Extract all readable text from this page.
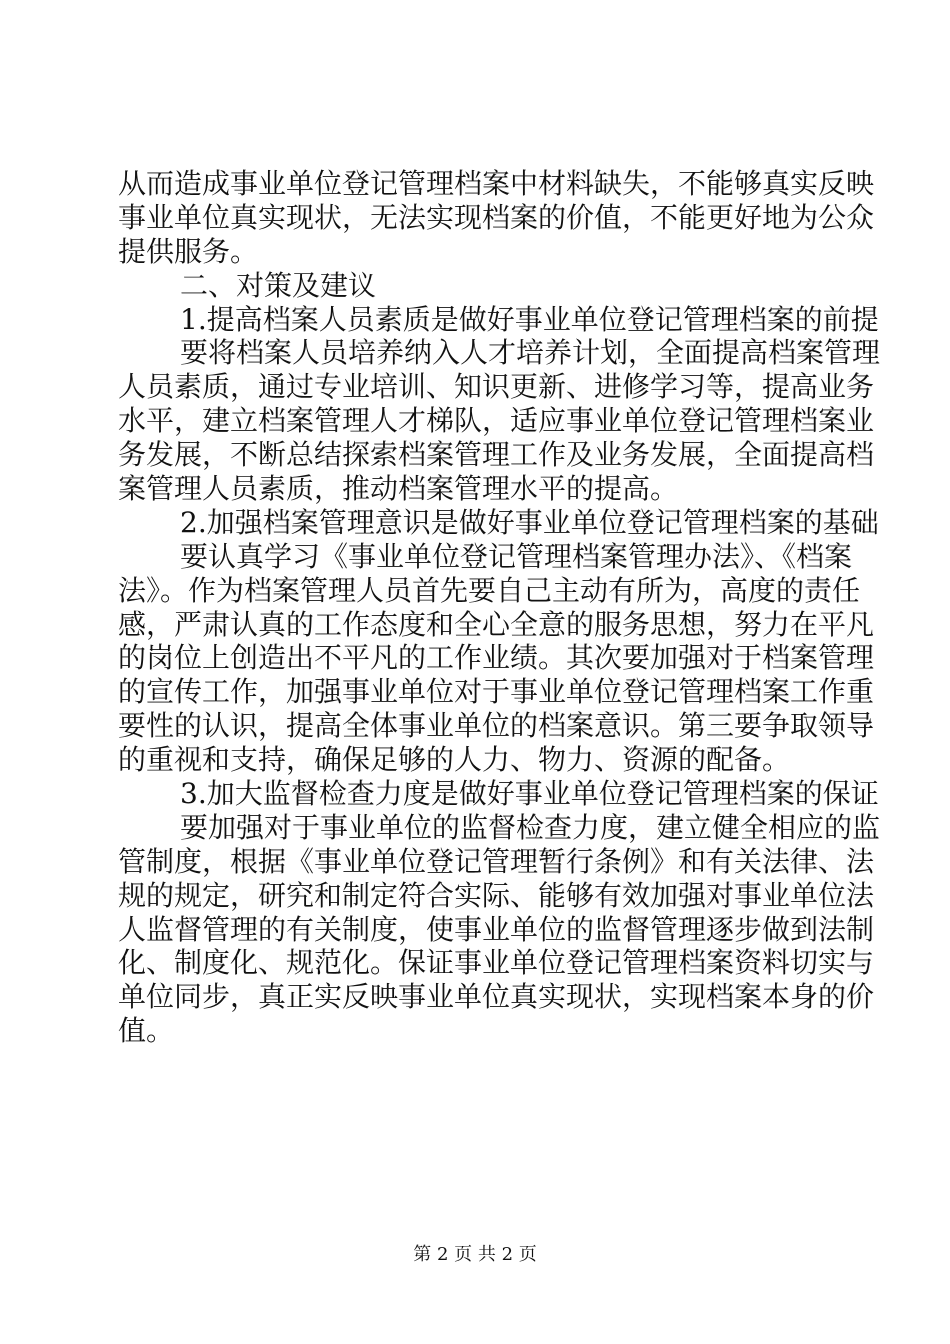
从而造成事业单位登记管理档案中材料缺失，不能够真实反映
事业单位真实现状，无法实现档案的价值，不能更好地为公众
提供服务。
二、对策及建议
1.提高档案人员素质是做好事业单位登记管理档案的前提
要将档案人员培养纳入人才培养计划，全面提高档案管理
人员素质，通过专业培训、知识更新、进修学习等，提高业务
水平，建立档案管理人才梯队，适应事业单位登记管理档案业
务发展，不断总结探索档案管理工作及业务发展，全面提高档
案管理人员素质，推动档案管理水平的提高。
2.加强档案管理意识是做好事业单位登记管理档案的基础
要认真学习《事业单位登记管理档案管理办法》、《档案
法》。作为档案管理人员首先要自己主动有所为，高度的责任
感，严肃认真的工作态度和全心全意的服务思想，努力在平凡
的岗位上创造出不平凡的工作业绩。其次要加强对于档案管理
的宣传工作，加强事业单位对于事业单位登记管理档案工作重
要性的认识，提高全体事业单位的档案意识。第三要争取领导
的重视和支持，确保足够的人力、物力、资源的配备。
3.加大监督检查力度是做好事业单位登记管理档案的保证
要加强对于事业单位的监督检查力度，建立健全相应的监
管制度，根据《事业单位登记管理暂行条例》和有关法律、法
规的规定，研究和制定符合实际、能够有效加强对事业单位法
人监督管理的有关制度，使事业单位的监督管理逐步做到法制
化、制度化、规范化。保证事业单位登记管理档案资料切实与
单位同步，真正实反映事业单位真实现状，实现档案本身的价
值。
第 2 页 共 2 页
